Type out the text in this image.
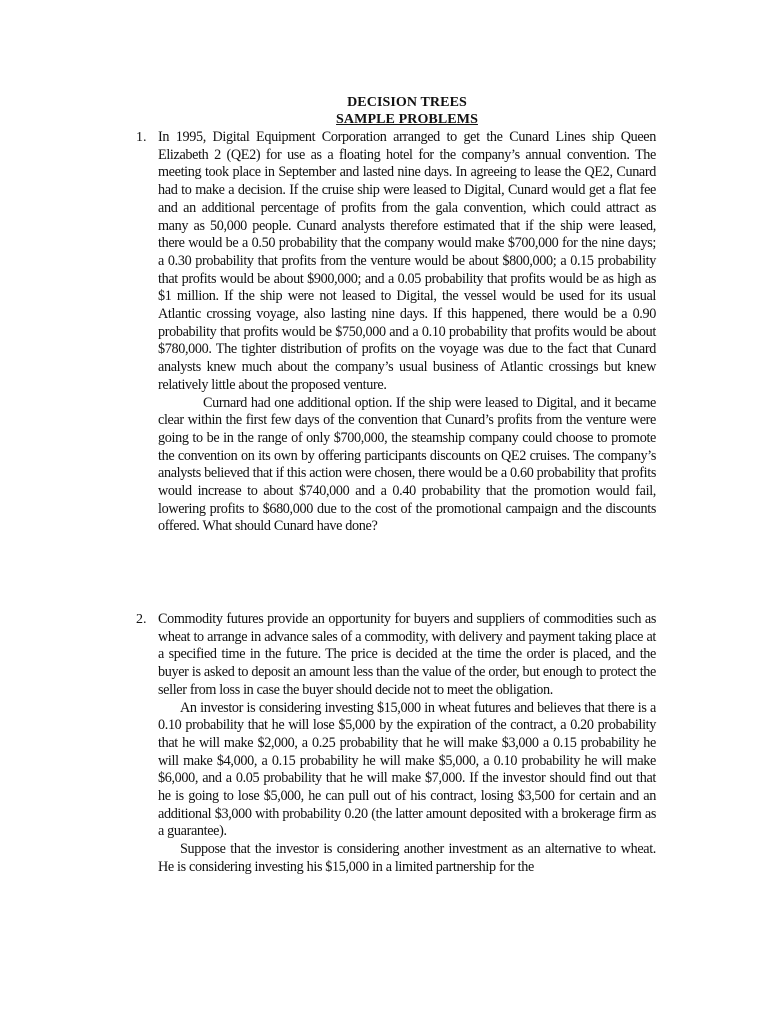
DECISION TREES
SAMPLE PROBLEMS
1. In 1995, Digital Equipment Corporation arranged to get the Cunard Lines ship Queen Elizabeth 2 (QE2) for use as a floating hotel for the company’s annual convention. The meeting took place in September and lasted nine days. In agreeing to lease the QE2, Cunard had to make a decision. If the cruise ship were leased to Digital, Cunard would get a flat fee and an additional percentage of profits from the gala convention, which could attract as many as 50,000 people. Cunard analysts therefore estimated that if the ship were leased, there would be a 0.50 probability that the company would make $700,000 for the nine days; a 0.30 probability that profits from the venture would be about $800,000; a 0.15 probability that profits would be about $900,000; and a 0.05 probability that profits would be as high as $1 million. If the ship were not leased to Digital, the vessel would be used for its usual Atlantic crossing voyage, also lasting nine days. If this happened, there would be a 0.90 probability that profits would be $750,000 and a 0.10 probability that profits would be about $780,000. The tighter distribution of profits on the voyage was due to the fact that Cunard analysts knew much about the company’s usual business of Atlantic crossings but knew relatively little about the proposed venture.

Curnard had one additional option. If the ship were leased to Digital, and it became clear within the first few days of the convention that Cunard’s profits from the venture were going to be in the range of only $700,000, the steamship company could choose to promote the convention on its own by offering participants discounts on QE2 cruises. The company’s analysts believed that if this action were chosen, there would be a 0.60 probability that profits would increase to about $740,000 and a 0.40 probability that the promotion would fail, lowering profits to $680,000 due to the cost of the promotional campaign and the discounts offered. What should Cunard have done?

2. Commodity futures provide an opportunity for buyers and suppliers of commodities such as wheat to arrange in advance sales of a commodity, with delivery and payment taking place at a specified time in the future. The price is decided at the time the order is placed, and the buyer is asked to deposit an amount less than the value of the order, but enough to protect the seller from loss in case the buyer should decide not to meet the obligation.

An investor is considering investing $15,000 in wheat futures and believes that there is a 0.10 probability that he will lose $5,000 by the expiration of the contract, a 0.20 probability that he will make $2,000, a 0.25 probability that he will make $3,000 a 0.15 probability he will make $4,000, a 0.15 probability he will make $5,000, a 0.10 probability he will make $6,000, and a 0.05 probability that he will make $7,000. If the investor should find out that he is going to lose $5,000, he can pull out of his contract, losing $3,500 for certain and an additional $3,000 with probability 0.20 (the latter amount deposited with a brokerage firm as a guarantee).

Suppose that the investor is considering another investment as an alternative to wheat. He is considering investing his $15,000 in a limited partnership for the
